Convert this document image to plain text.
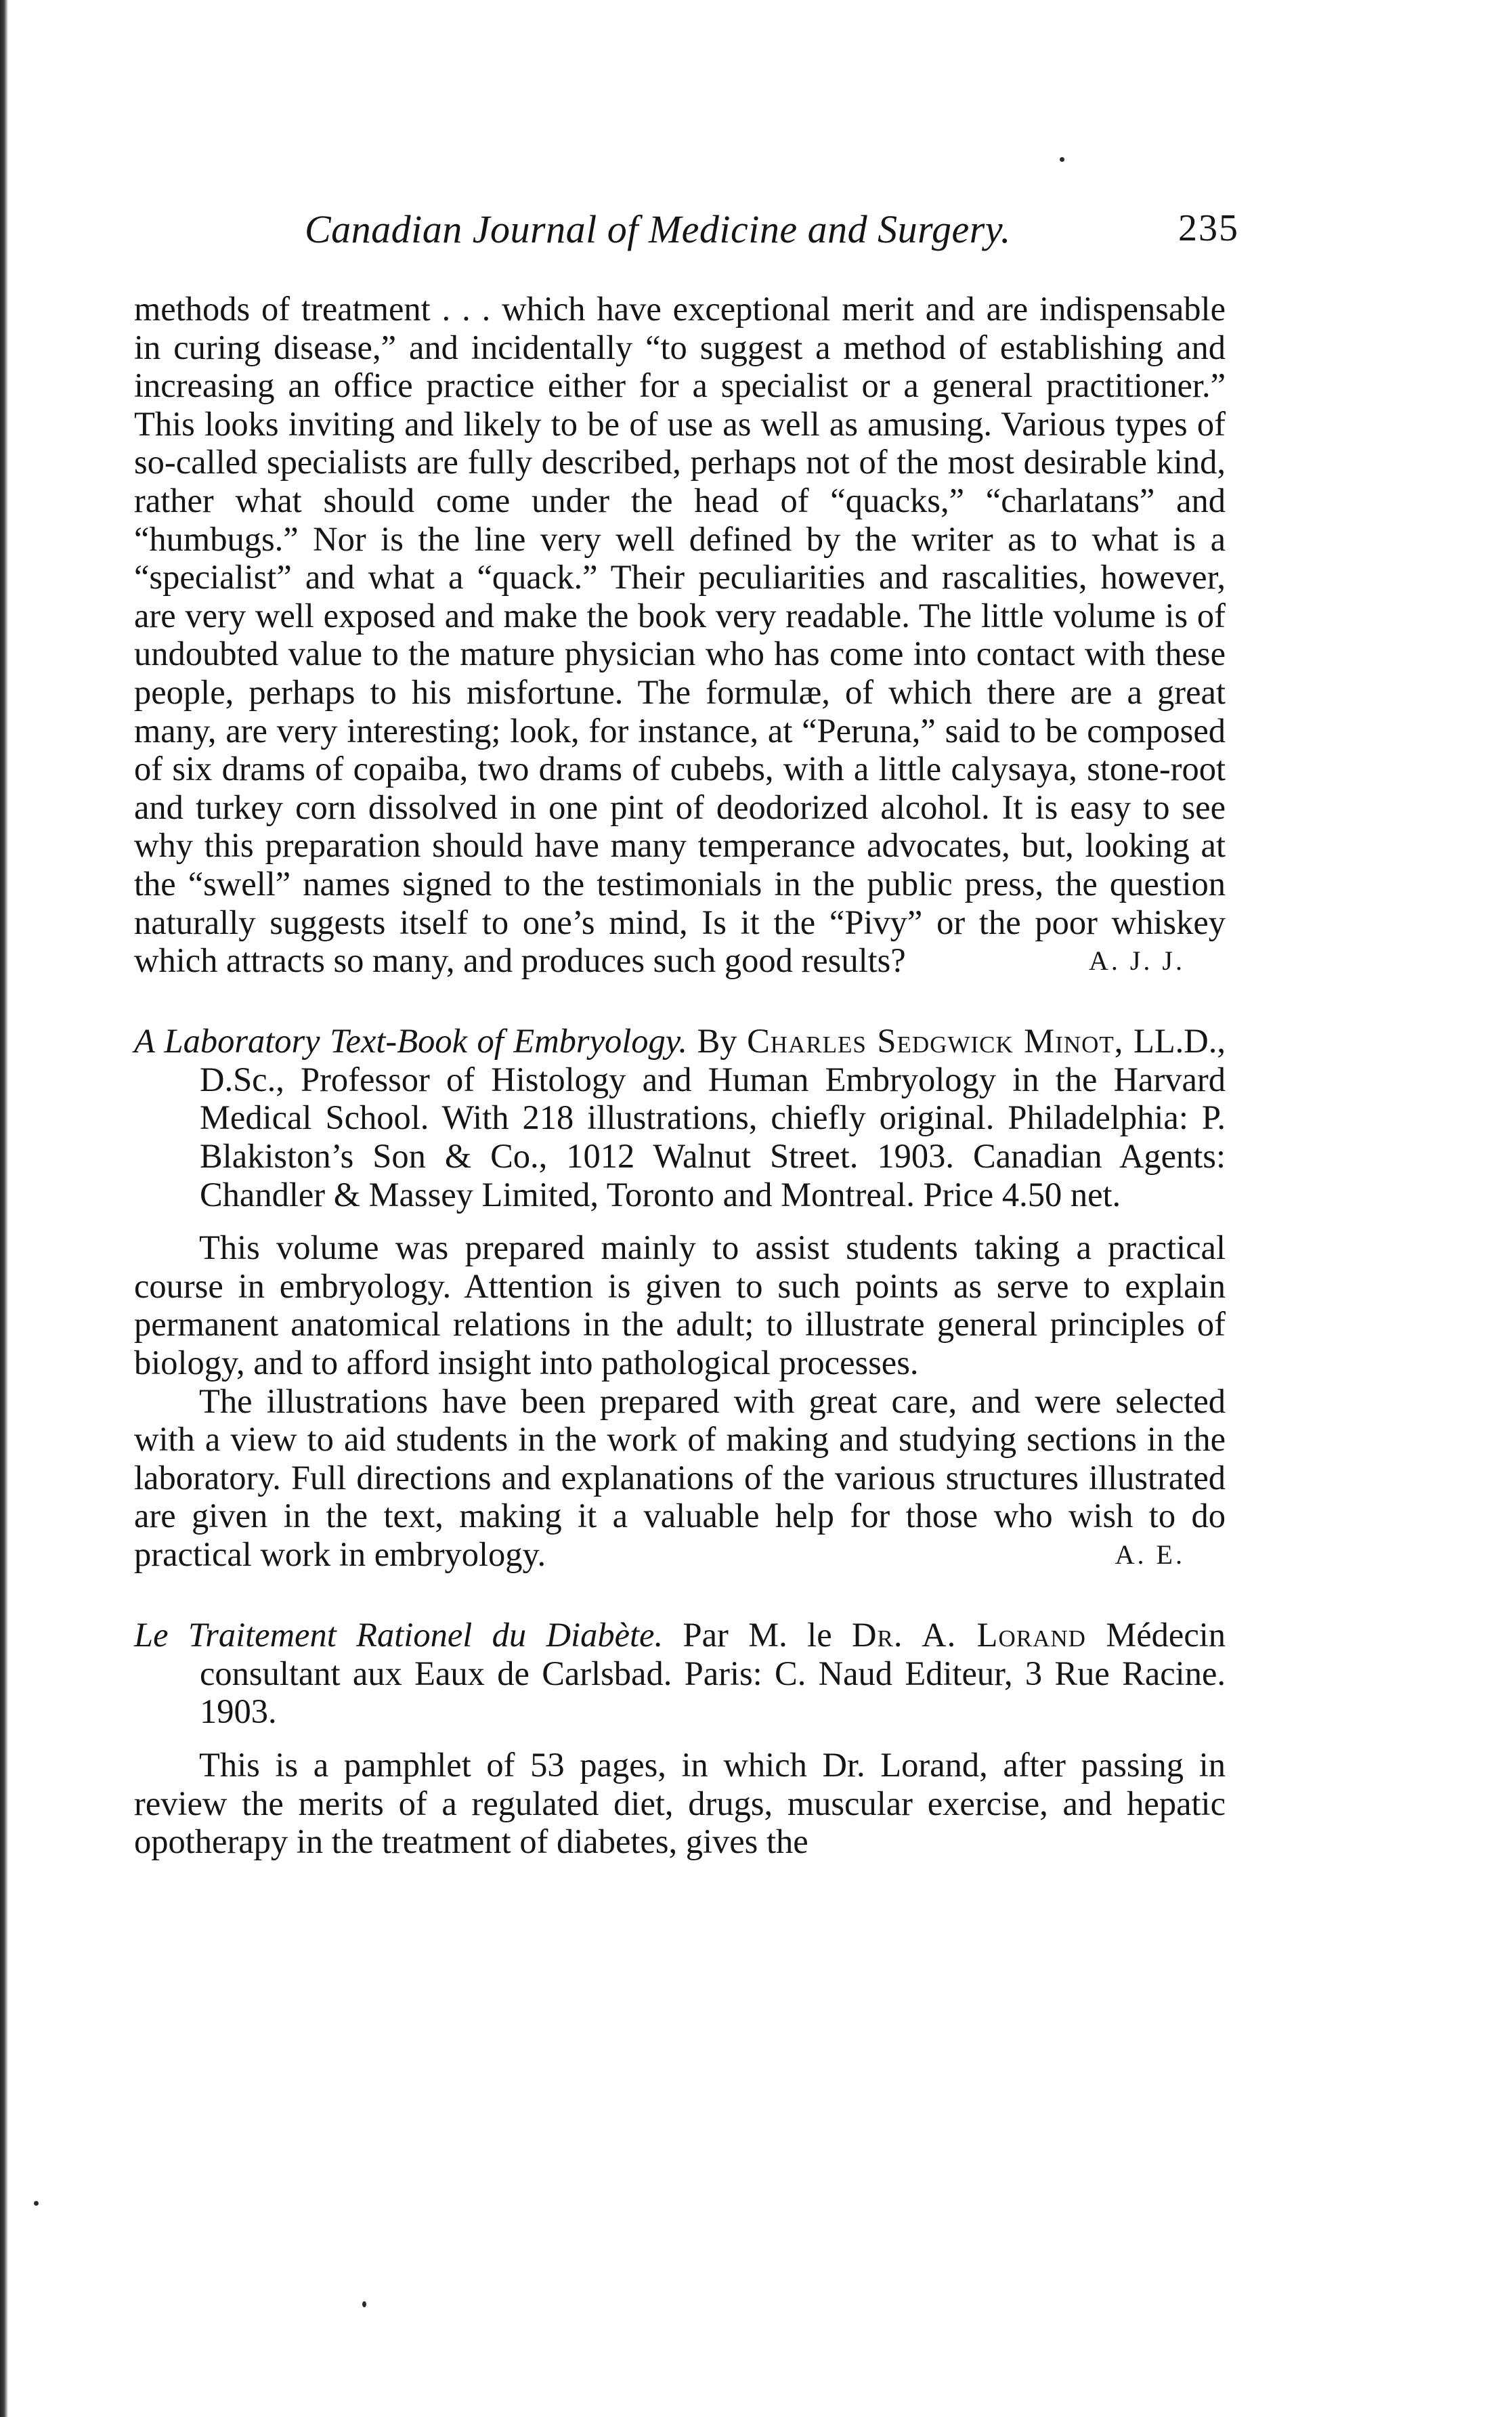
Canadian Journal of Medicine and Surgery.	235

methods of treatment . . . which have exceptional merit and are indispensable in curing disease,” and incidentally “to suggest a method of establishing and increasing an office practice either for a specialist or a general practitioner.” This looks inviting and likely to be of use as well as amusing. Various types of so-called specialists are fully described, perhaps not of the most desirable kind, rather what should come under the head of “quacks,” “charlatans” and “humbugs.” Nor is the line very well defined by the writer as to what is a “specialist” and what a “quack.” Their peculiarities and rascalities, however, are very well exposed and make the book very readable. The little volume is of undoubted value to the mature physician who has come into contact with these people, perhaps to his misfortune. The formulæ, of which there are a great many, are very interesting; look, for instance, at “Peruna,” said to be composed of six drams of copaiba, two drams of cubebs, with a little calysaya, stone-root and turkey corn dissolved in one pint of deodorized alcohol. It is easy to see why this preparation should have many temperance advocates, but, looking at the “swell” names signed to the testimonials in the public press, the question naturally suggests itself to one’s mind, Is it the “Pivy” or the poor whiskey which attracts so many, and produces such good results?	A. J. J.

A Laboratory Text-Book of Embryology. By Charles Sedgwick Minot, LL.D., D.Sc., Professor of Histology and Human Embryology in the Harvard Medical School. With 218 illustrations, chiefly original. Philadelphia: P. Blakiston’s Son & Co., 1012 Walnut Street. 1903. Canadian Agents: Chandler & Massey Limited, Toronto and Montreal. Price 4.50 net.

This volume was prepared mainly to assist students taking a practical course in embryology. Attention is given to such points as serve to explain permanent anatomical relations in the adult; to illustrate general principles of biology, and to afford insight into pathological processes.

The illustrations have been prepared with great care, and were selected with a view to aid students in the work of making and studying sections in the laboratory. Full directions and explanations of the various structures illustrated are given in the text, making it a valuable help for those who wish to do practical work in embryology.	A. E.

Le Traitement Rationel du Diabète. Par M. le Dr. A. Lorand Médecin consultant aux Eaux de Carlsbad. Paris: C. Naud Editeur, 3 Rue Racine. 1903.

This is a pamphlet of 53 pages, in which Dr. Lorand, after passing in review the merits of a regulated diet, drugs, muscular exercise, and hepatic opotherapy in the treatment of diabetes, gives the
